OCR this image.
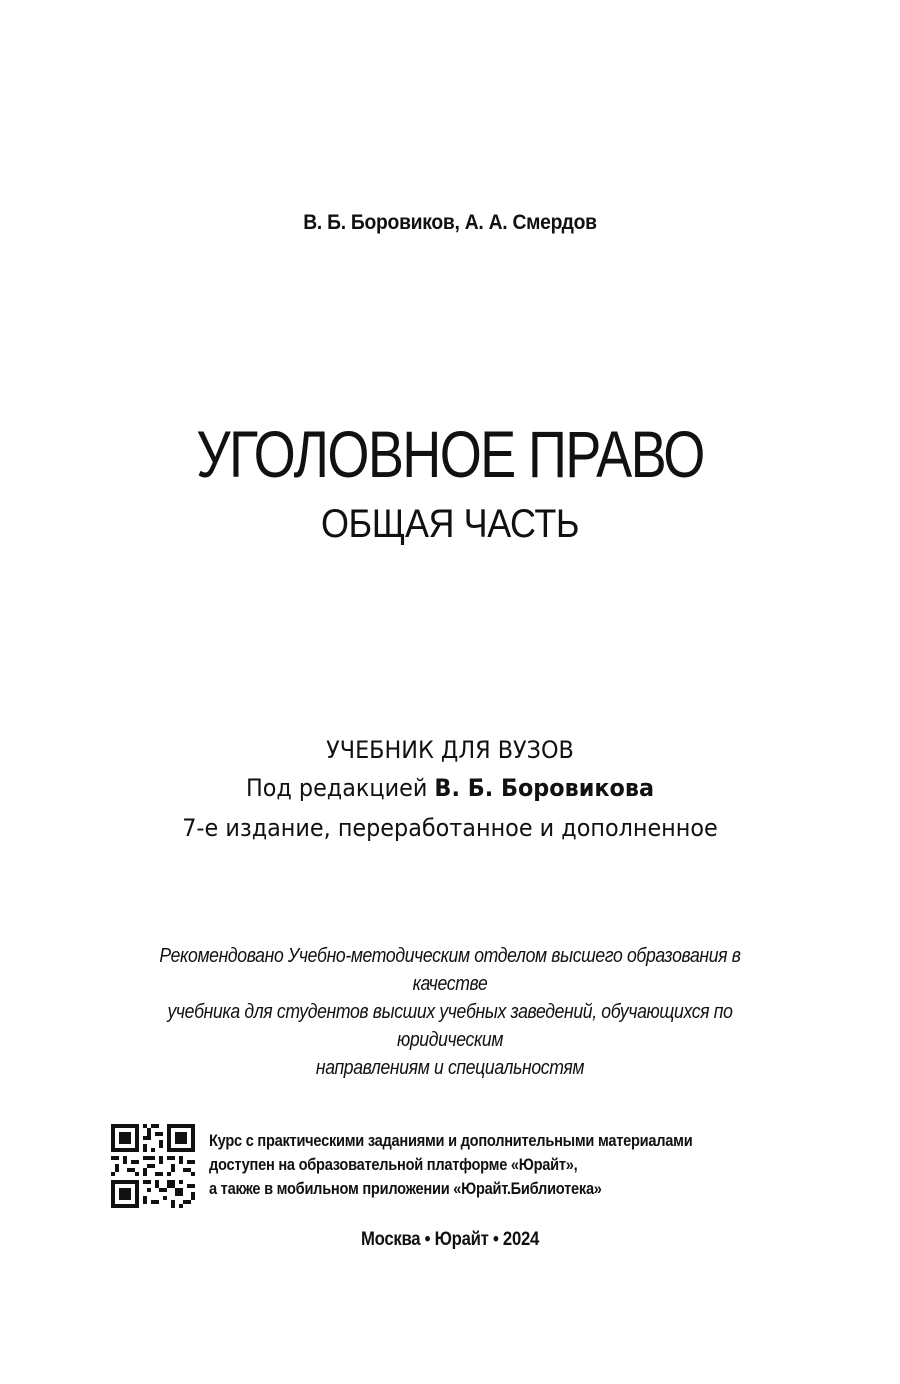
В. Б. Боровиков, А. А. Смердов
УГОЛОВНОЕ ПРАВО
ОБЩАЯ ЧАСТЬ
УЧЕБНИК ДЛЯ ВУЗОВ
Под редакцией В. Б. Боровикова
7-е издание, переработанное и дополненное
Рекомендовано Учебно-методическим отделом высшего образования в качестве
учебника для студентов высших учебных заведений, обучающихся по юридическим
направлениям и специальностям
Курс с практическими заданиями и дополнительными материалами
доступен на образовательной платформе «Юрайт»,
а также в мобильном приложении «Юрайт.Библиотека»
Москва • Юрайт • 2024
